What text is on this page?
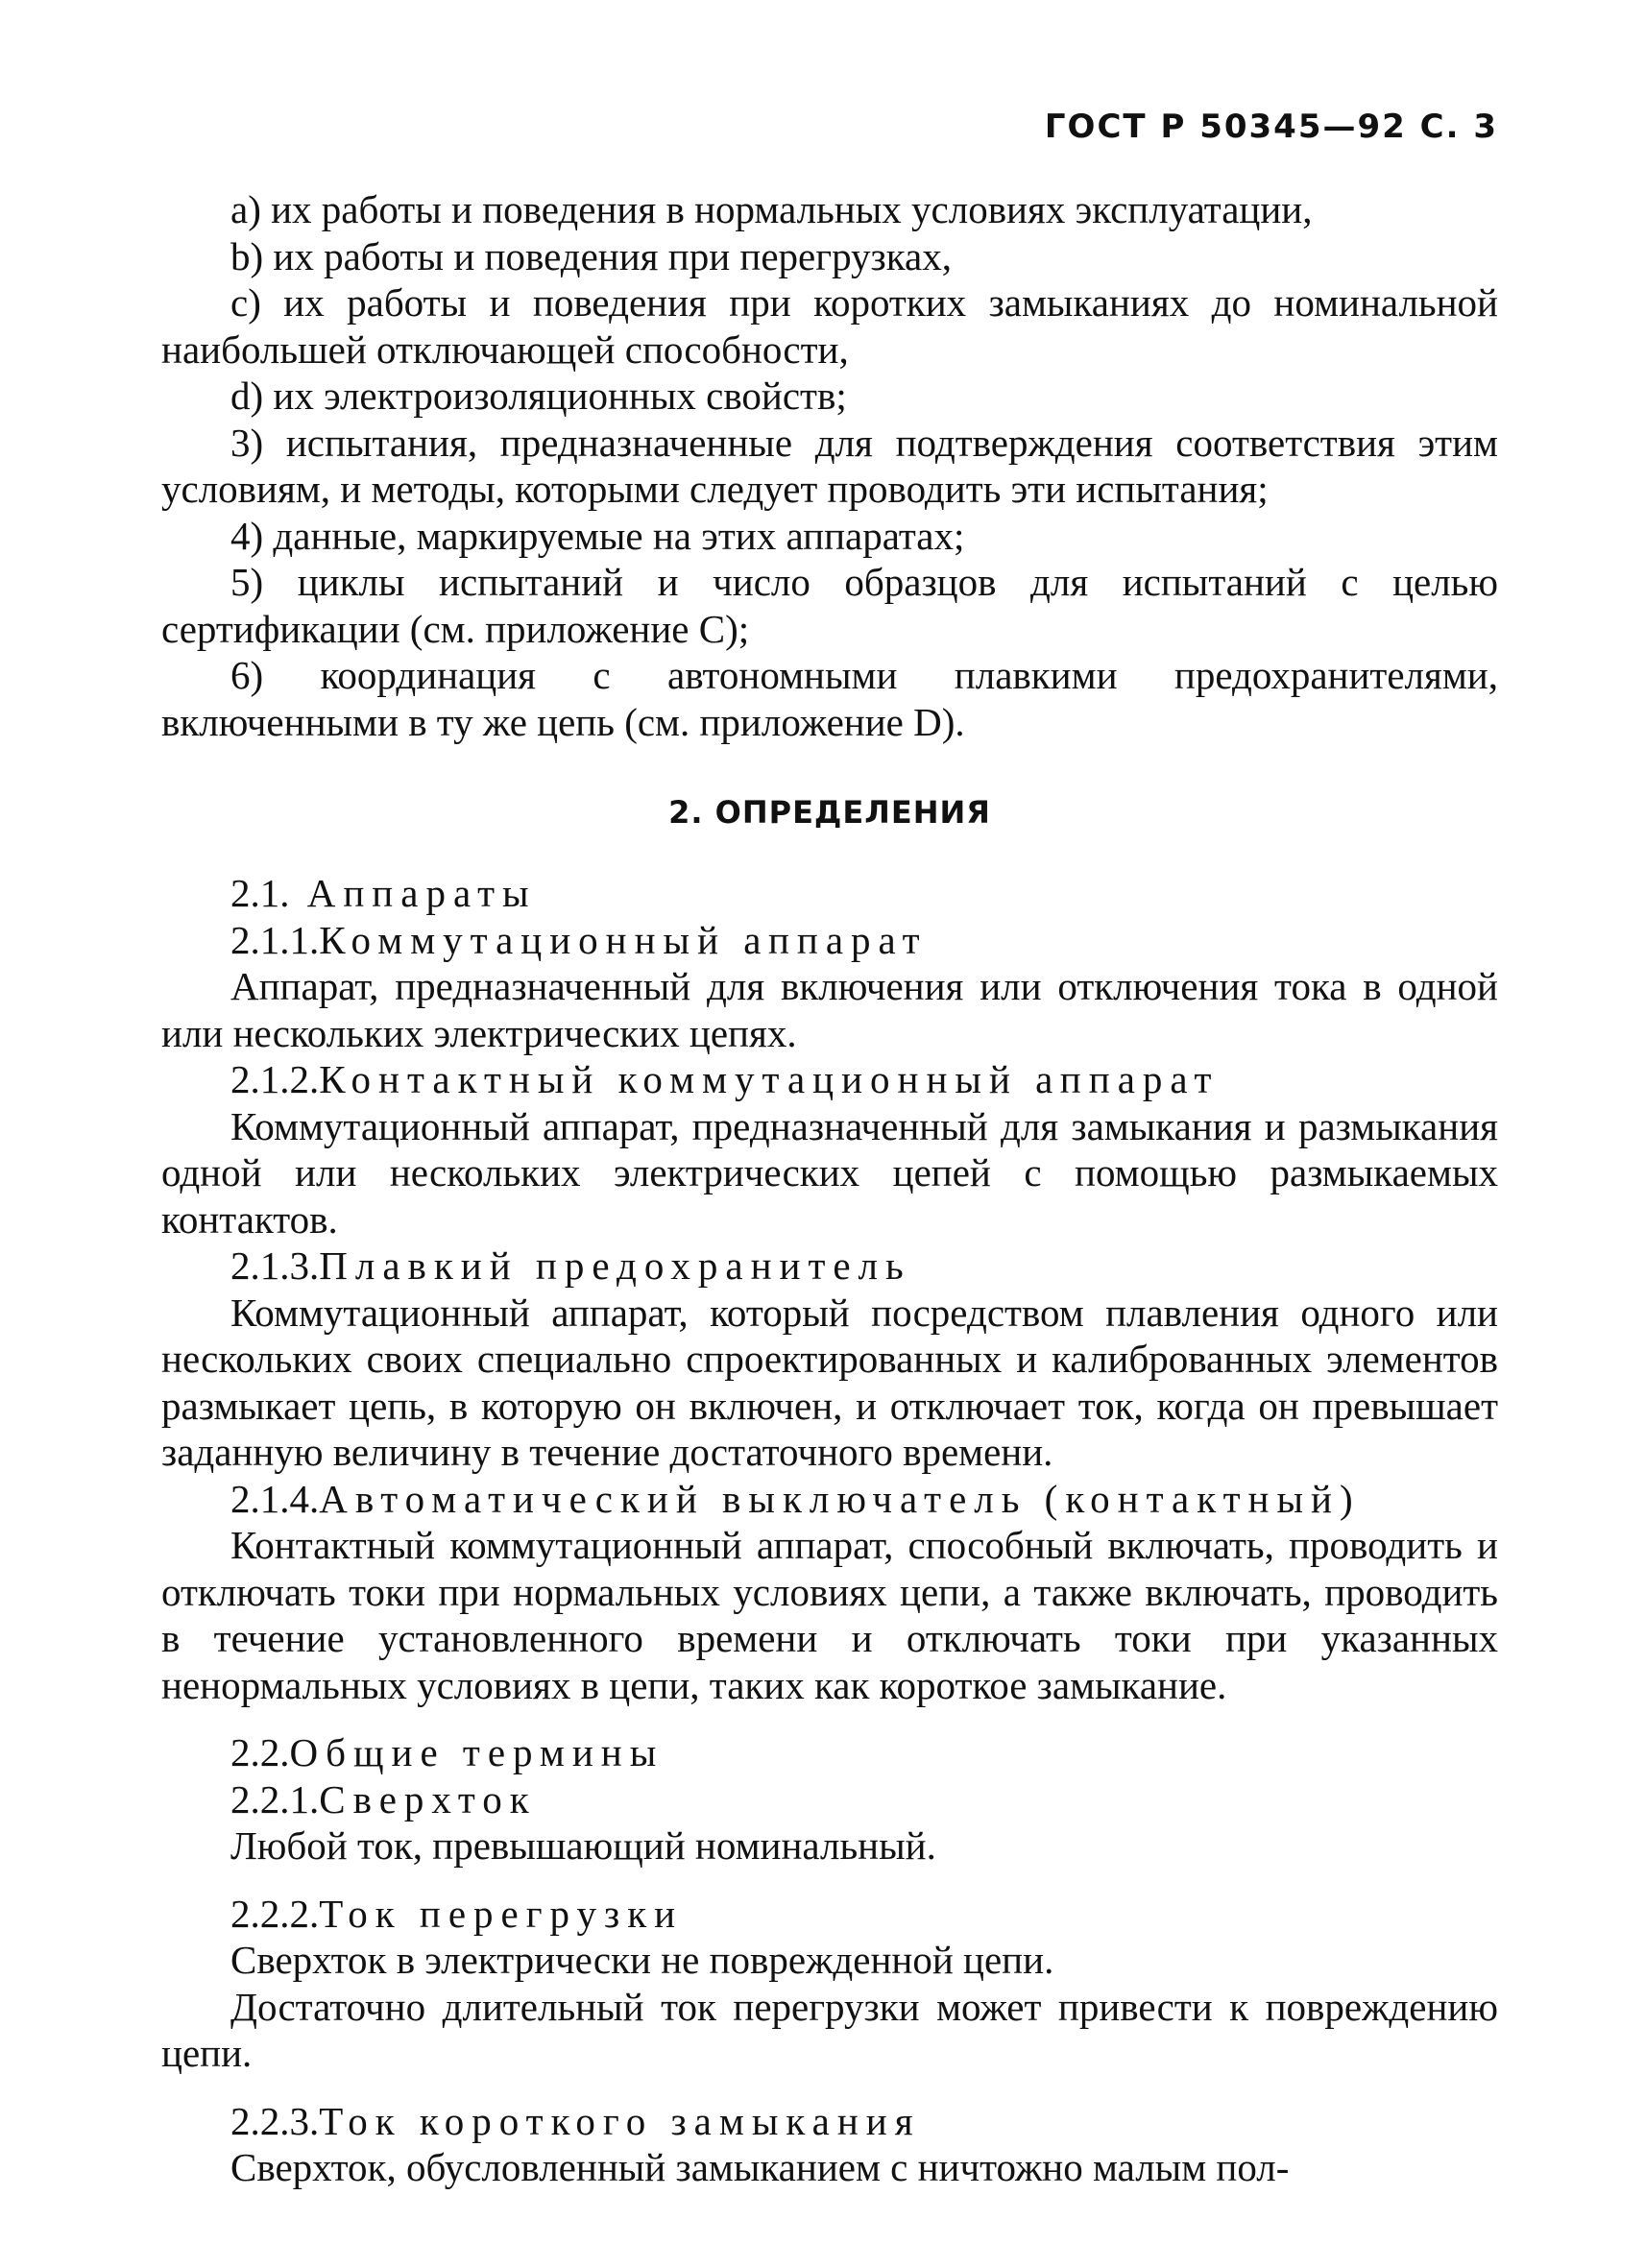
ГОСТ Р 50345—92 С. 3

a) их работы и поведения в нормальных условиях эксплуатации,

b) их работы и поведения при перегрузках,

c) их работы и поведения при коротких замыканиях до номинальной наибольшей отключающей способности,

d) их электроизоляционных свойств;

3) испытания, предназначенные для подтверждения соответствия этим условиям, и методы, которыми следует проводить эти испытания;

4) данные, маркируемые на этих аппаратах;

5) циклы испытаний и число образцов для испытаний с целью сертификации (см. приложение С);

6) координация с автономными плавкими предохранителями, включенными в ту же цепь (см. приложение D).

2. ОПРЕДЕЛЕНИЯ

2.1. Аппараты

2.1.1.Коммутационный аппарат

Аппарат, предназначенный для включения или отключения тока в одной или нескольких электрических цепях.

2.1.2.Контактный коммутационный аппарат

Коммутационный аппарат, предназначенный для замыкания и размыкания одной или нескольких электрических цепей с помощью размыкаемых контактов.

2.1.3.Плавкий предохранитель

Коммутационный аппарат, который посредством плавления одного или нескольких своих специально спроектированных и калиброванных элементов размыкает цепь, в которую он включен, и отключает ток, когда он превышает заданную величину в течение достаточного времени.

2.1.4.Автоматический выключатель (контактный)

Контактный коммутационный аппарат, способный включать, проводить и отключать токи при нормальных условиях цепи, а также включать, проводить в течение установленного времени и отключать токи при указанных ненормальных условиях в цепи, таких как короткое замыкание.

2.2.Общие термины

2.2.1.Сверхток

Любой ток, превышающий номинальный.

2.2.2.Ток перегрузки

Сверхток в электрически не поврежденной цепи.

Достаточно длительный ток перегрузки может привести к повреждению цепи.

2.2.3.Ток короткого замыкания

Сверхток, обусловленный замыканием с ничтожно малым пол-
